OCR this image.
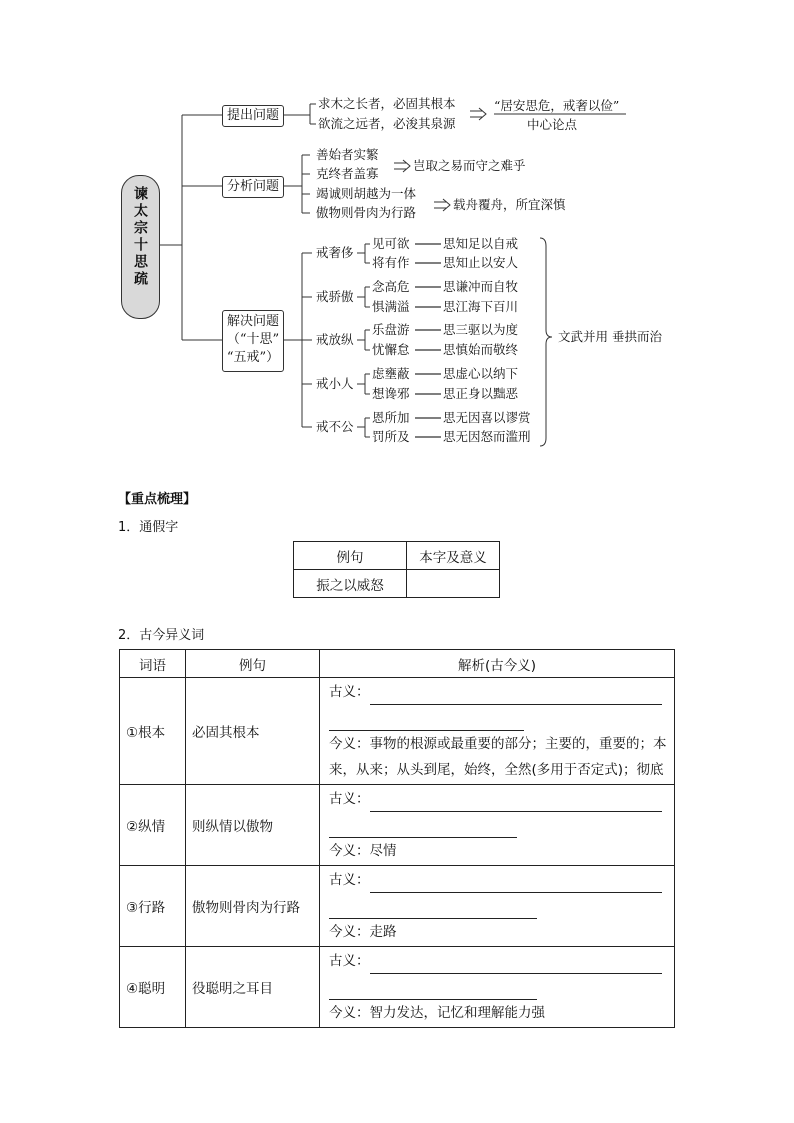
谏太宗十思疏
提出问题
分析问题
解决问题
（“十思”
“五戒”）
求木之长者，必固其根本
欲流之远者，必浚其泉源
“居安思危，戒奢以俭”
中心论点
善始者实繁
克终者盖寡
竭诚则胡越为一体
傲物则骨肉为行路
岂取之易而守之难乎
载舟覆舟，所宜深慎
戒奢侈
戒骄傲
戒放纵
戒小人
戒不公
见可欲
将有作
念高危
惧满溢
乐盘游
忧懈怠
虑壅蔽
想谗邪
恩所加
罚所及
思知足以自戒
思知止以安人
思谦冲而自牧
思江海下百川
思三驱以为度
思慎始而敬终
思虚心以纳下
思正身以黜恶
思无因喜以谬赏
思无因怒而滥刑
文武并用 垂拱而治
【重点梳理】
1．通假字
例句	本字及意义
振之以威怒	
2．古今异义词
词语	例句	解析(古今义)
①根本	必固其根本	古义：
今义：事物的根源或最重要的部分；主要的，重要的；本
来，从来；从头到尾，始终，全然(多用于否定式)；彻底

②纵情	则纵情以傲物	古义：
今义：尽情

③行路	傲物则骨肉为行路	古义：
今义：走路

④聪明	役聪明之耳目	古义：
今义：智力发达，记忆和理解能力强
